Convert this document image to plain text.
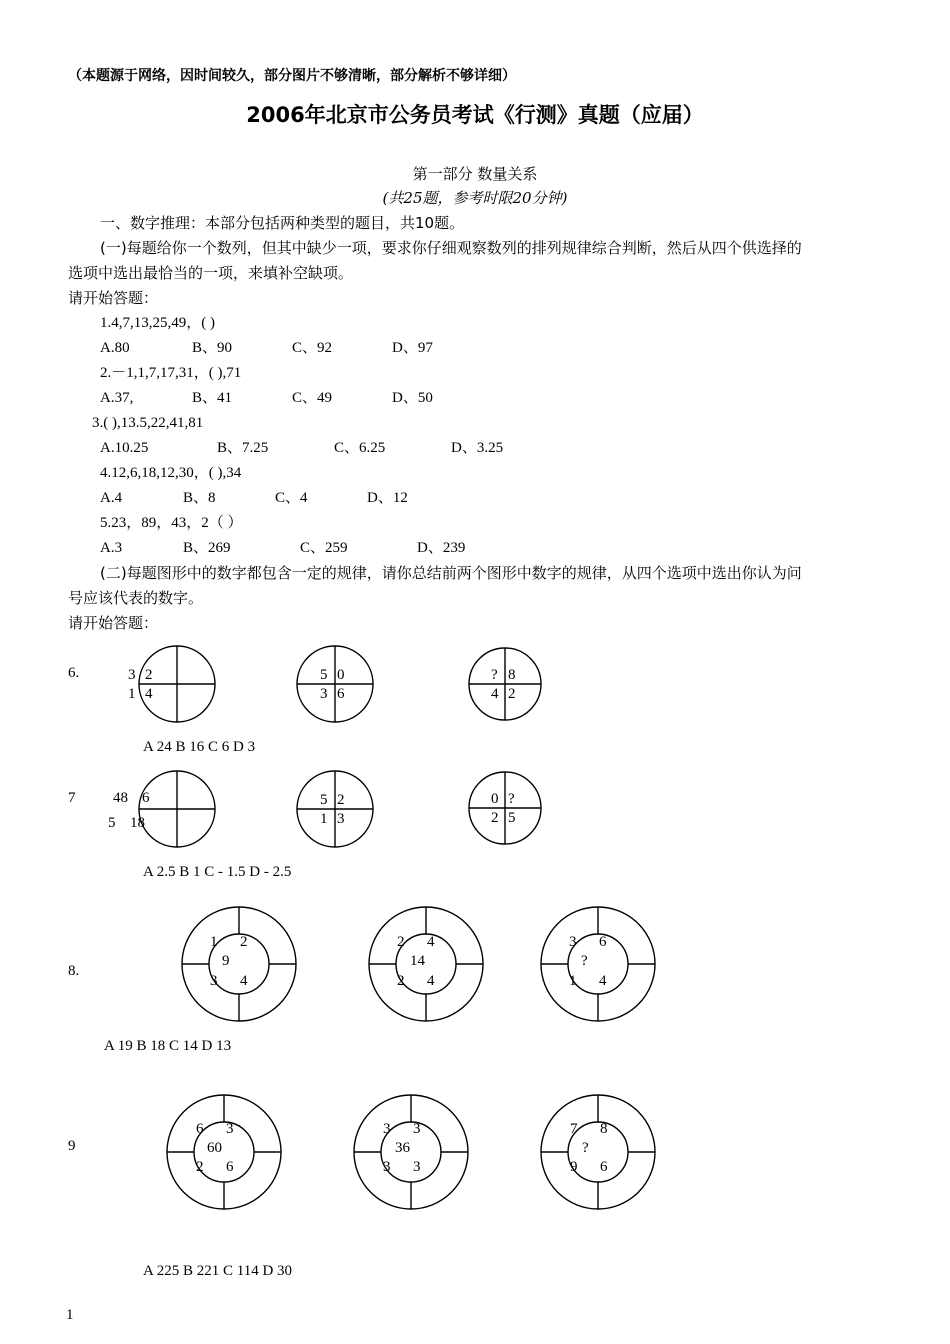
（本题源于网络，因时间较久，部分图片不够清晰，部分解析不够详细）
2006年北京市公务员考试《行测》真题（应届）
第一部分 数量关系
(共25题，参考时限20分钟)
一、数字推理：本部分包括两种类型的题目，共10题。
(一)每题给你一个数列，但其中缺少一项，要求你仔细观察数列的排列规律综合判断，然后从四个供选择的
选项中选出最恰当的一项，来填补空缺项。
请开始答题：
1.4,7,13,25,49，( )
A.80	B、90	C、92	D、97
2.－1,1,7,17,31，( ),71
A.37,	B、41	C、49	D、50
3.( ),13.5,22,41,81
A.10.25	B、7.25	C、6.25	D、3.25
4.12,6,18,12,30，( ),34
A.4	B、8	C、4	D、12
5.23，89，43，2（ ）
A.3	B、269	C、259	D、239
(二)每题图形中的数字都包含一定的规律，请你总结前两个图形中数字的规律，从四个选项中选出你认为问
号应该代表的数字。
请开始答题：
6.	3 2
1 4
5 0
3 6
? 8
4 2
A 24 B 16 C 6 D 3
7	48 6
5 18
5 2
1 3
0 ?
2 5
A 2.5 B 1 C - 1.5 D - 2.5
8.
1 2
9
3 4
2 4
14
2 4
3 6
?
1 4
A 19 B 18 C 14 D 13
9
6 3
60
2 6
3 3
36
3 3
7 8
?
9 6
A 225 B 221 C 114 D 30
1
